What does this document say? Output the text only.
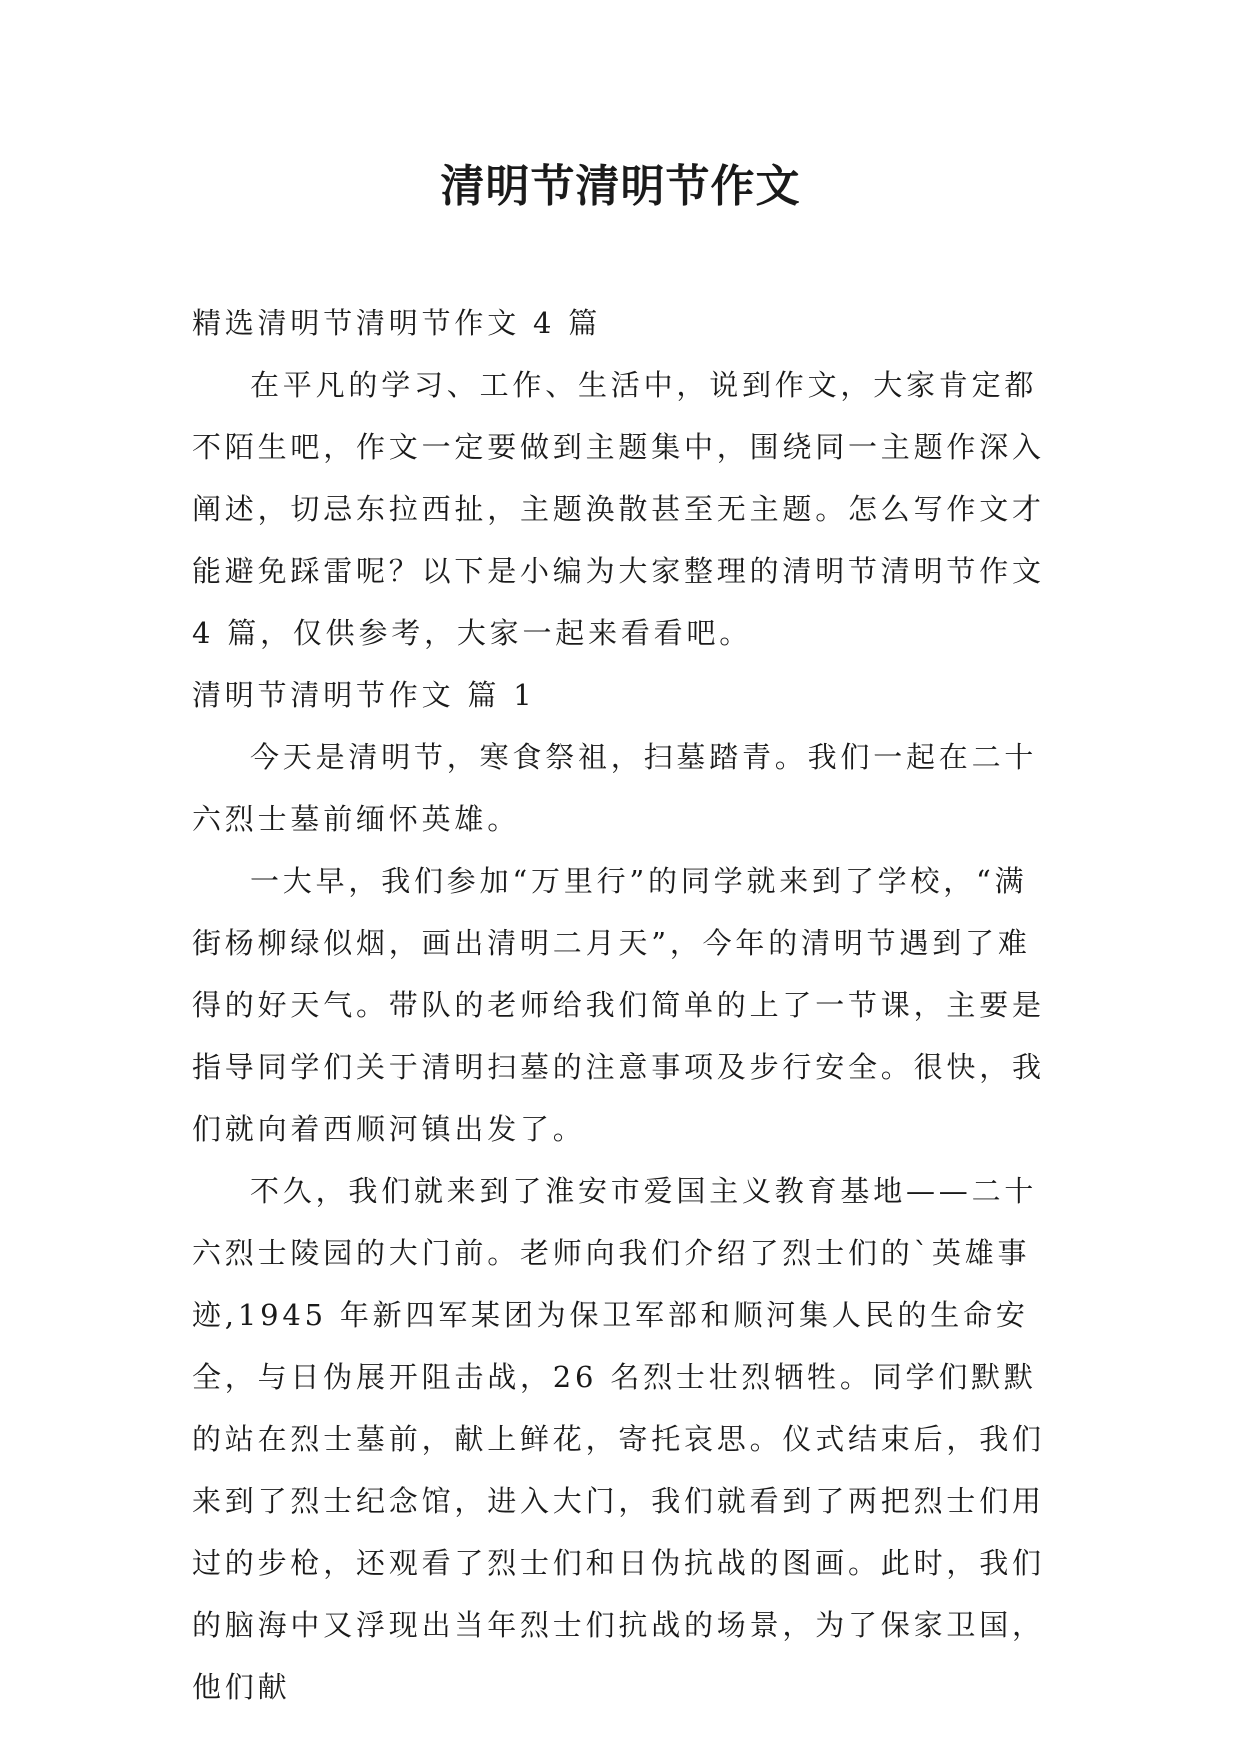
清明节清明节作文

精选清明节清明节作文 4 篇

在平凡的学习、工作、生活中，说到作文，大家肯定都不陌生吧，作文一定要做到主题集中，围绕同一主题作深入阐述，切忌东拉西扯，主题涣散甚至无主题。怎么写作文才能避免踩雷呢？以下是小编为大家整理的清明节清明节作文 4 篇，仅供参考，大家一起来看看吧。

清明节清明节作文 篇 1

今天是清明节，寒食祭祖，扫墓踏青。我们一起在二十六烈士墓前缅怀英雄。

一大早，我们参加“万里行”的同学就来到了学校，“满街杨柳绿似烟，画出清明二月天”，今年的清明节遇到了难得的好天气。带队的老师给我们简单的上了一节课，主要是指导同学们关于清明扫墓的注意事项及步行安全。很快，我们就向着西顺河镇出发了。

不久，我们就来到了淮安市爱国主义教育基地——二十六烈士陵园的大门前。老师向我们介绍了烈士们的`英雄事迹,1945 年新四军某团为保卫军部和顺河集人民的生命安全，与日伪展开阻击战，26 名烈士壮烈牺牲。同学们默默的站在烈士墓前，献上鲜花，寄托哀思。仪式结束后，我们来到了烈士纪念馆，进入大门，我们就看到了两把烈士们用过的步枪，还观看了烈士们和日伪抗战的图画。此时，我们的脑海中又浮现出当年烈士们抗战的场景，为了保家卫国，他们献
